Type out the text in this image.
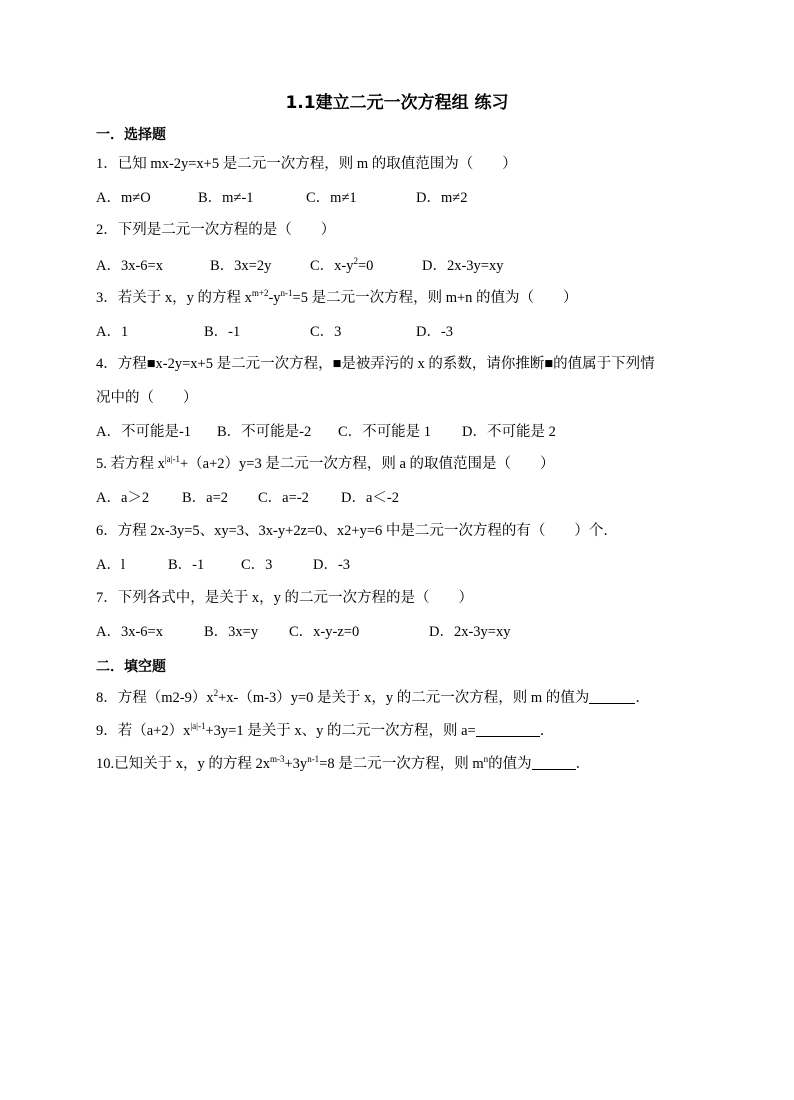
1.1建立二元一次方程组 练习
一．选择题
1．已知 mx-2y=x+5 是二元一次方程，则 m 的取值范围为（　　）
A．m≠O	B．m≠-1	C．m≠1	D．m≠2
2．下列是二元一次方程的是（　　）
A．3x-6=x	B．3x=2y	C．$x-y^2=0$	D．2x-3y=xy
3．若关于 x，y 的方程 $x^{m+2}-y^{n-1}=5$ 是二元一次方程，则 m+n 的值为（　　）
A．1	B．-1	C．3	D．-3
4．方程■x-2y=x+5 是二元一次方程，■是被弄污的 x 的系数，请你推断■的值属于下列情
况中的（　　）
A．不可能是-1 B．不可能是-2 C．不可能是 1 D．不可能是 2
5. 若方程 $x^{|a|-1}+(a+2)y=3$ 是二元一次方程，则 a 的取值范围是（　　）
A．a＞2 B．a=2 C．a=-2 D．a＜-2
6．方程 2x-3y=5、xy=3、3x-y+2z=0、x2+y=6 中是二元一次方程的有（　　）个．
A．l	B．-1	C．3	D．-3
7．下列各式中，是关于 x，y 的二元一次方程的是（　　）
A．3x-6=x	B．3x=y C．x-y-z=0	D．2x-3y=xy
二．填空题
8．方程$(m2-9)x^2+x-(m-3)y=0$ 是关于 x，y 的二元一次方程，则 m 的值为	．
9．若$(a+2)x^{|a|-1}+3y=1$ 是关于 x、y 的二元一次方程，则 a=	．
10.已知关于 x，y 的方程 $2x^{m-3}+3y^{n-1}=8$ 是二元一次方程，则 $m^n$的值为	．
